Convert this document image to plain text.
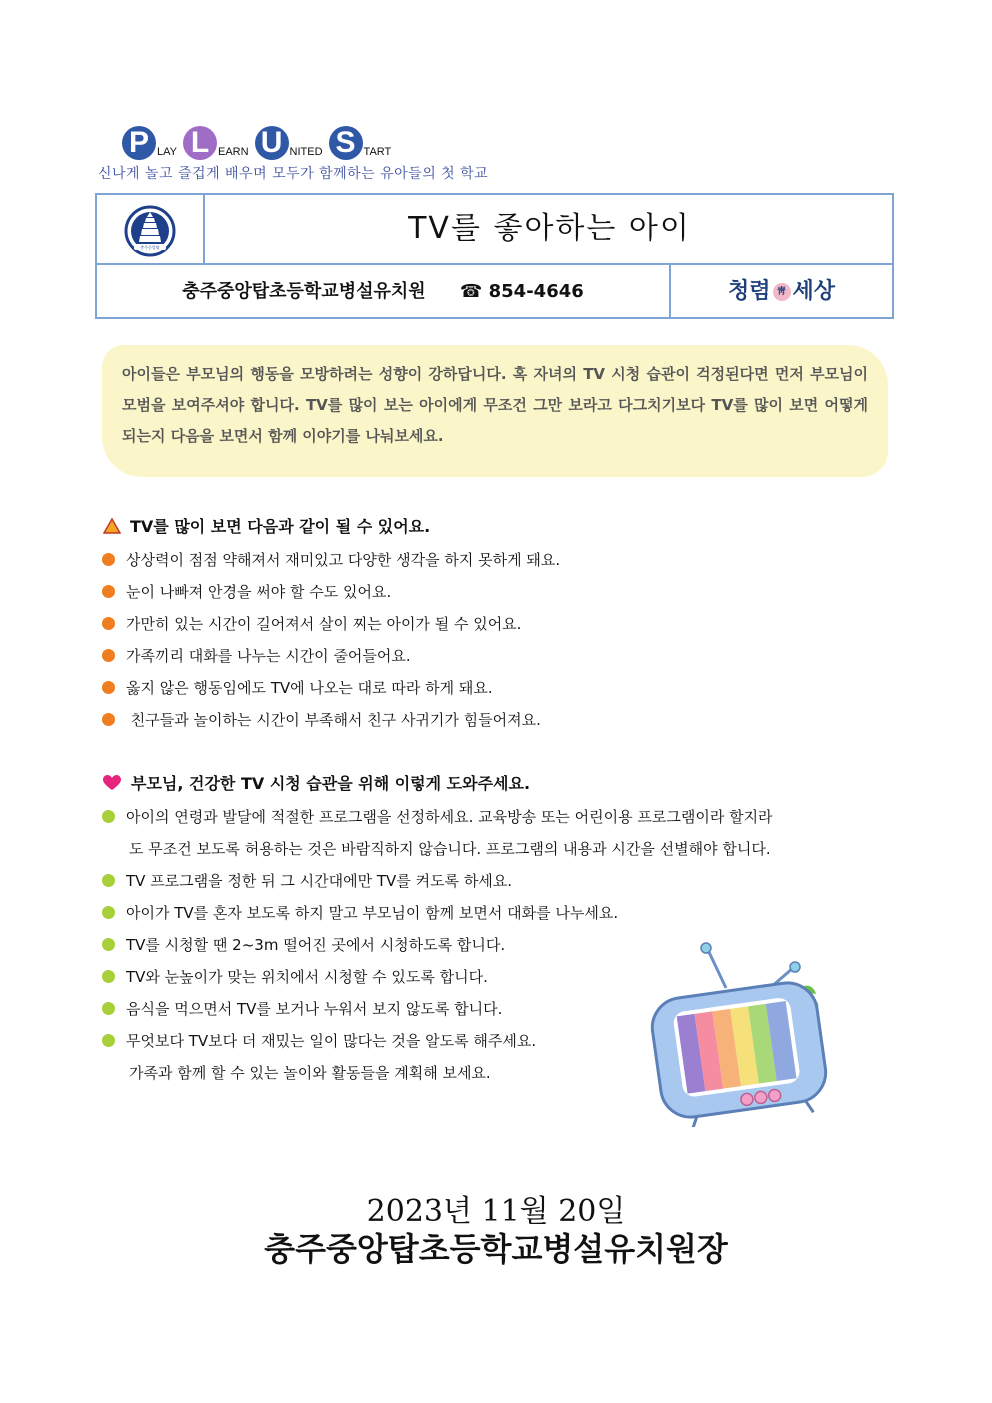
P LAY L EARN U NITED S TART
신나게 놀고 즐겁게 배우며 모두가 함께하는 유아들의 첫 학교
충주중앙탑
TV를 좋아하는 아이
충주중앙탑초등학교병설유치원 ☎ 854-4646	청렴 靑 세상

아이들은 부모님의 행동을 모방하려는 성향이 강하답니다. 혹 자녀의 TV 시청 습관이 걱정된다면 먼저 부모님이 모범을 보여주셔야 합니다. TV를 많이 보는 아이에게 무조건 그만 보라고 다그치기보다 TV를 많이 보면 어떻게 되는지 다음을 보면서 함께 이야기를 나눠보세요.

TV를 많이 보면 다음과 같이 될 수 있어요.
상상력이 점점 약해져서 재미있고 다양한 생각을 하지 못하게 돼요.
눈이 나빠져 안경을 써야 할 수도 있어요.
가만히 있는 시간이 길어져서 살이 찌는 아이가 될 수 있어요.
가족끼리 대화를 나누는 시간이 줄어들어요.
옳지 않은 행동임에도 TV에 나오는 대로 따라 하게 돼요.
친구들과 놀이하는 시간이 부족해서 친구 사귀기가 힘들어져요.
부모님, 건강한 TV 시청 습관을 위해 이렇게 도와주세요.
아이의 연령과 발달에 적절한 프로그램을 선정하세요. 교육방송 또는 어린이용 프로그램이라 할지라
도 무조건 보도록 허용하는 것은 바람직하지 않습니다. 프로그램의 내용과 시간을 선별해야 합니다.
TV 프로그램을 정한 뒤 그 시간대에만 TV를 켜도록 하세요.
아이가 TV를 혼자 보도록 하지 말고 부모님이 함께 보면서 대화를 나누세요.
TV를 시청할 땐 2~3m 떨어진 곳에서 시청하도록 합니다.
TV와 눈높이가 맞는 위치에서 시청할 수 있도록 합니다.
음식을 먹으면서 TV를 보거나 누워서 보지 않도록 합니다.
무엇보다 TV보다 더 재밌는 일이 많다는 것을 알도록 해주세요.
가족과 함께 할 수 있는 놀이와 활동들을 계획해 보세요.
2023년 11월 20일
충주중앙탑초등학교병설유치원장
